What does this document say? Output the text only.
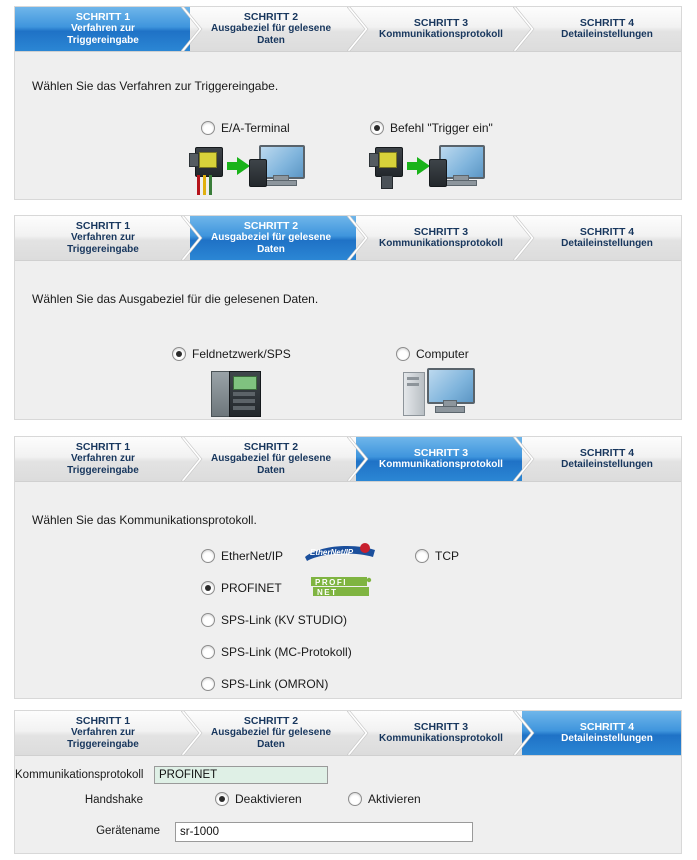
SCHRITT 1
Verfahren zur Triggereingabe
SCHRITT 2
Ausgabeziel für gelesene Daten
SCHRITT 3
Kommunikationsprotokoll
SCHRITT 4
Detaileinstellungen
Wählen Sie das Verfahren zur Triggereingabe.
E/A-Terminal	Befehl "Trigger ein"
SCHRITT 1
Verfahren zur Triggereingabe
SCHRITT 2
Ausgabeziel für gelesene Daten
SCHRITT 3
Kommunikationsprotokoll
SCHRITT 4
Detaileinstellungen
Wählen Sie das Ausgabeziel für die gelesenen Daten.
Feldnetzwerk/SPS	Computer
SCHRITT 1
Verfahren zur Triggereingabe
SCHRITT 2
Ausgabeziel für gelesene Daten
SCHRITT 3
Kommunikationsprotokoll
SCHRITT 4
Detaileinstellungen
Wählen Sie das Kommunikationsprotokoll.
EtherNet/IP
PROFINET
SPS-Link (KV STUDIO)
SPS-Link (MC-Protokoll)
SPS-Link (OMRON)
TCP
EtherNet/IP
PROFI
NET
SCHRITT 1
Verfahren zur Triggereingabe
SCHRITT 2
Ausgabeziel für gelesene Daten
SCHRITT 3
Kommunikationsprotokoll
SCHRITT 4
Detaileinstellungen
Kommunikationsprotokoll
PROFINET
Handshake	Deaktivieren	Aktivieren
Gerätename
sr-1000
